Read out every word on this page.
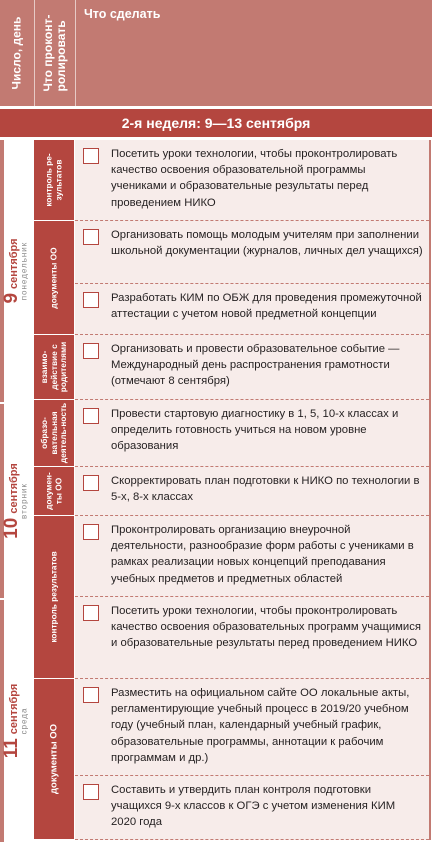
Число, день Что проконт-
ролировать
Что сделать
2-я неделя: 9—13 сентября
9
сентября понедельник
10
сентября вторник
11
сентября среда
контроль ре-
зультатов
документы ОО
взаимо-
действие с
родителями
образо-
вательная
деятель-ность
докумен-
ты ОО
контроль результатов
документы ОО
Посетить уроки технологии, чтобы проконтролировать качество освоения образовательной программы учениками и образовательные результаты перед проведением НИКО
Организовать помощь молодым учителям при заполнении школьной документации (журналов, личных дел учащихся)
Разработать КИМ по ОБЖ для проведения промежуточной аттестации с учетом новой предметной концепции
Организовать и провести образовательное событие — Международный день распространения грамотности (отмечают 8 сентября)
Провести стартовую диагностику в 1, 5, 10-х классах и определить готовность учиться на новом уровне образования
Скорректировать план подготовки к НИКО по технологии в 5-х, 8-х классах
Проконтролировать организацию внеурочной деятельности, разнообразие форм работы с учениками в рамках реализации новых концепций преподавания учебных предметов и предметных областей
Посетить уроки технологии, чтобы проконтролировать качество освоения образовательных программ учащимися и образовательные результаты перед проведением НИКО
Разместить на официальном сайте ОО локальные акты, регламентирующие учебный процесс в 2019/20 учебном году (учебный план, календарный учебный график, образовательные программы, аннотации к рабочим программам и др.)
Составить и утвердить план контроля подготовки учащихся 9-х классов к ОГЭ с учетом изменения КИМ 2020 года
